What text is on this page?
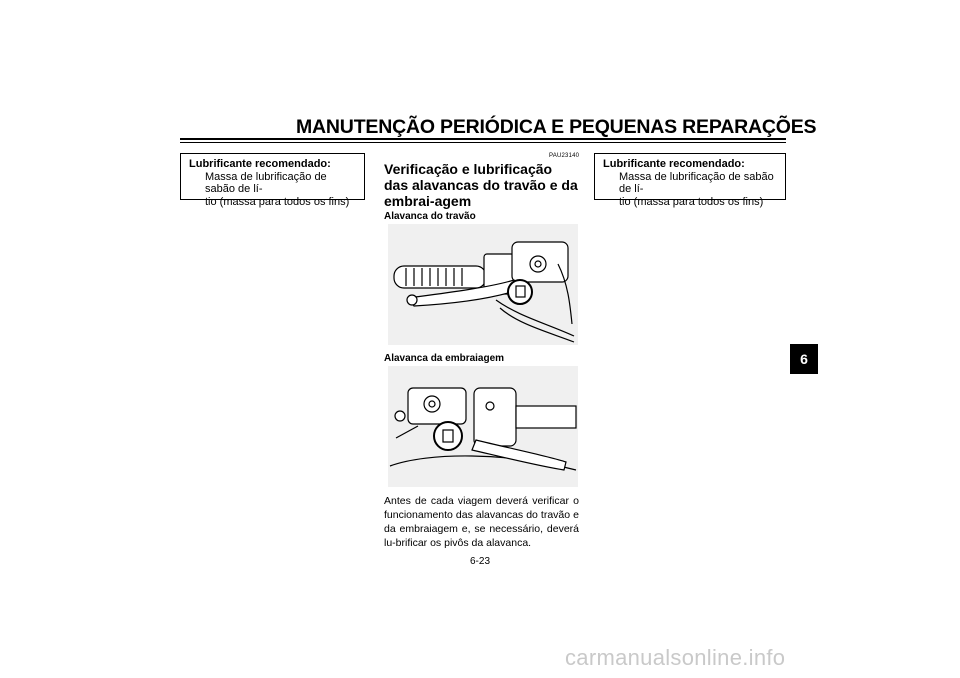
MANUTENÇÃO PERIÓDICA E PEQUENAS REPARAÇÕES
Lubrificante recomendado:
Massa de lubrificação de sabão de lí-
tio (massa para todos os fins)
PAU23140
Verificação e lubrificação das alavancas do travão e da embrai-agem
Alavanca do travão
Alavanca da embraiagem
Antes de cada viagem deverá verificar o funcionamento das alavancas do travão e da embraiagem e, se necessário, deverá lu-brificar os pivôs da alavanca.
6-23
Lubrificante recomendado:
Massa de lubrificação de sabão de lí-
tio (massa para todos os fins)
6
carmanualsonline.info
